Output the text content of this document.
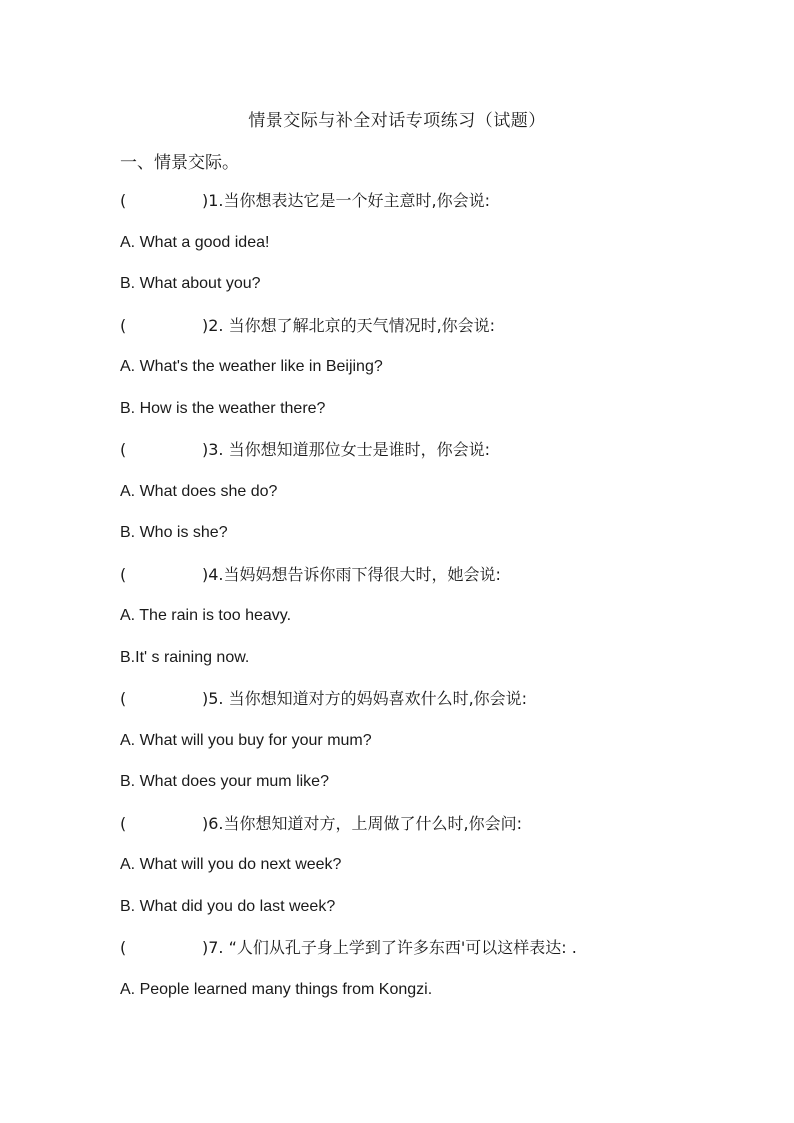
情景交际与补全对话专项练习（试题）
一、情景交际。
(	)1.当你想表达它是一个好主意时,你会说:
A. What a good idea!
B. What about you?
(	)2. 当你想了解北京的天气情况时,你会说:
A. What's the weather like in Beijing?
B. How is the weather there?
(	)3. 当你想知道那位女士是谁时，你会说:
A. What does she do?
B. Who is she?
(	)4.当妈妈想告诉你雨下得很大时，她会说:
A. The rain is too heavy.
B.It' s raining now.
(	)5. 当你想知道对方的妈妈喜欢什么时,你会说:
A. What will you buy for your mum?
B. What does your mum like?
(	)6.当你想知道对方，上周做了什么时,你会问:
A. What will you do next week?
B. What did you do last week?
(	)7. “人们从孔子身上学到了许多东西'可以这样表达: .
A. People learned many things from Kongzi.
